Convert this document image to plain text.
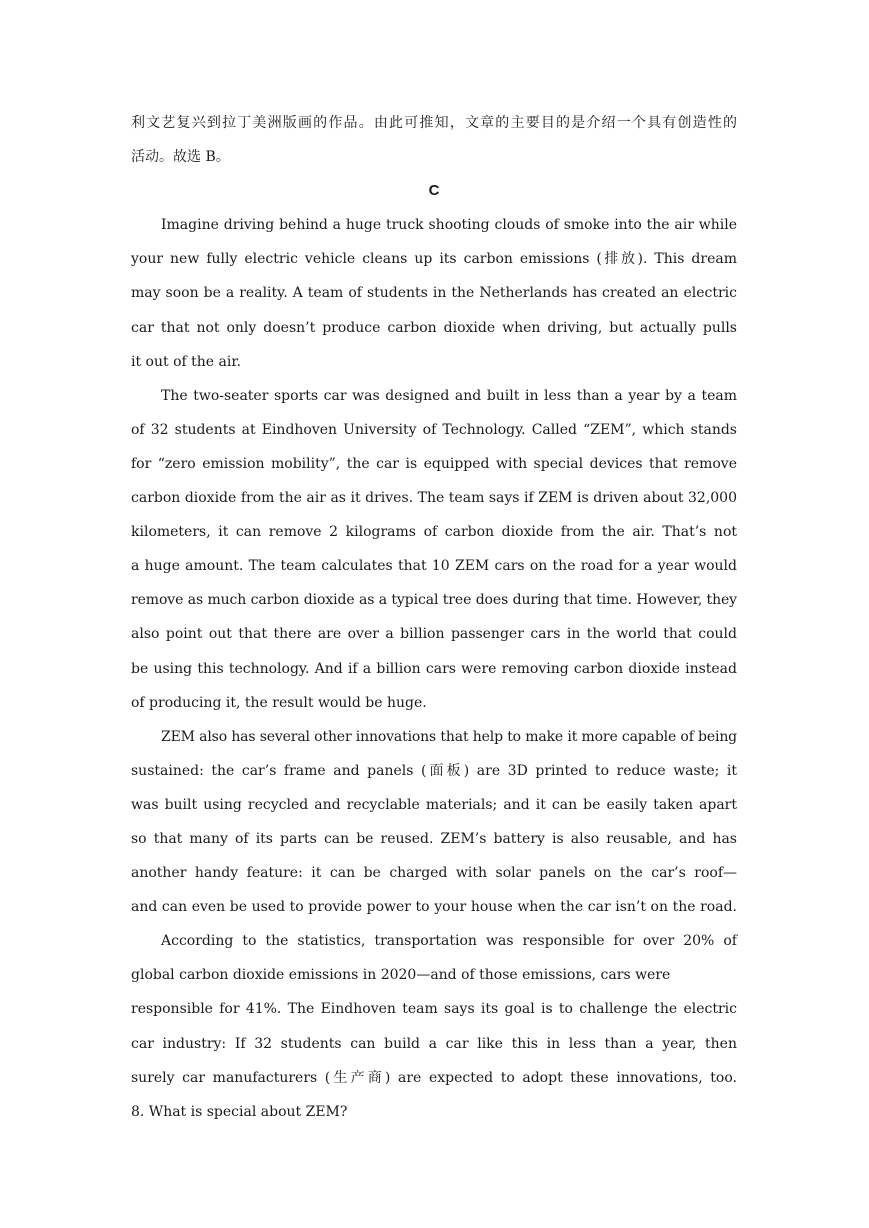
利文艺复兴到拉丁美洲版画的作品。由此可推知，文章的主要目的是介绍一个具有创造性的
活动。故选 B。
C
Imagine driving behind a huge truck shooting clouds of smoke into the air while
your new fully electric vehicle cleans up its carbon emissions (排放). This dream
may soon be a reality. A team of students in the Netherlands has created an electric
car that not only doesn’t produce carbon dioxide when driving, but actually pulls
it out of the air.
The two-seater sports car was designed and built in less than a year by a team
of 32 students at Eindhoven University of Technology. Called “ZEM”, which stands
for “zero emission mobility”, the car is equipped with special devices that remove
carbon dioxide from the air as it drives. The team says if ZEM is driven about 32,000
kilometers, it can remove 2 kilograms of carbon dioxide from the air. That’s not
a huge amount. The team calculates that 10 ZEM cars on the road for a year would
remove as much carbon dioxide as a typical tree does during that time. However, they
also point out that there are over a billion passenger cars in the world that could
be using this technology. And if a billion cars were removing carbon dioxide instead
of producing it, the result would be huge.
ZEM also has several other innovations that help to make it more capable of being
sustained: the car’s frame and panels (面板) are 3D printed to reduce waste; it
was built using recycled and recyclable materials; and it can be easily taken apart
so that many of its parts can be reused. ZEM’s battery is also reusable, and has
another handy feature: it can be charged with solar panels on the car’s roof—
and can even be used to provide power to your house when the car isn’t on the road.
According to the statistics, transportation was responsible for over 20% of
global carbon dioxide emissions in 2020—and of those emissions, cars were
responsible for 41%. The Eindhoven team says its goal is to challenge the electric
car industry: If 32 students can build a car like this in less than a year, then
surely car manufacturers (生产商) are expected to adopt these innovations, too.
8. What is special about ZEM?
